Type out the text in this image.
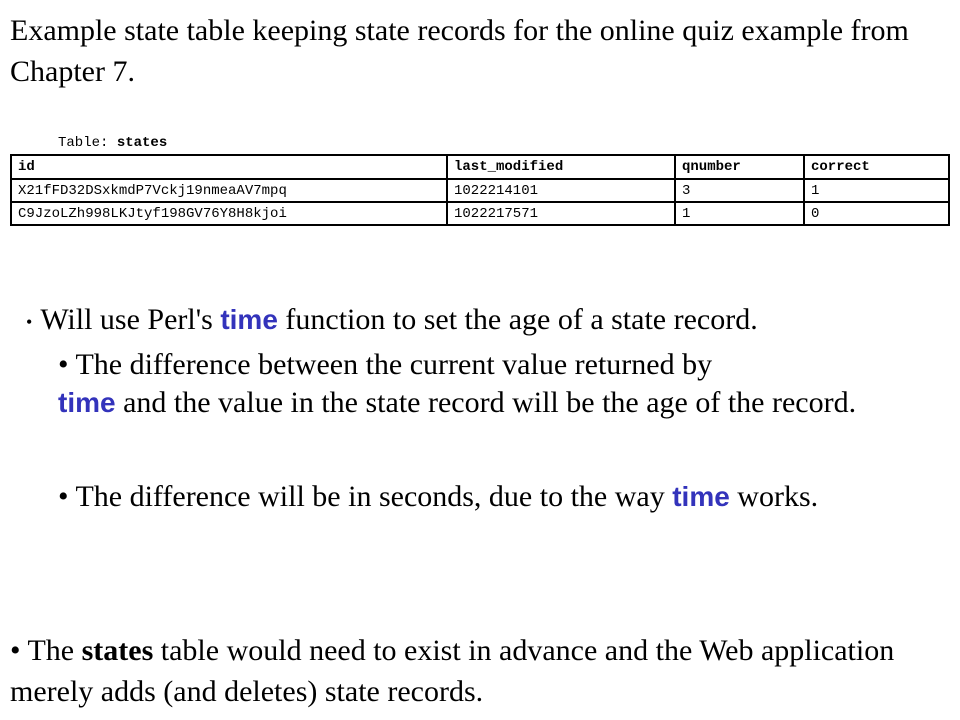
Example state table keeping state records for the online quiz example from Chapter 7.
Table: states
id	last_modified	qnumber	correct
X21fFD32DSxkmdP7Vckj19nmeaAV7mpq	1022214101	3	1
C9JzoLZh998LKJtyf198GV76Y8H8kjoi	1022217571	1	0
• Will use Perl's time function to set the age of a state record.
• The difference between the current value returned by
time and the value in the state record will be the age of the record.
• The difference will be in seconds, due to the way time works.
• The states table would need to exist in advance and the Web application merely adds (and deletes) state records.
